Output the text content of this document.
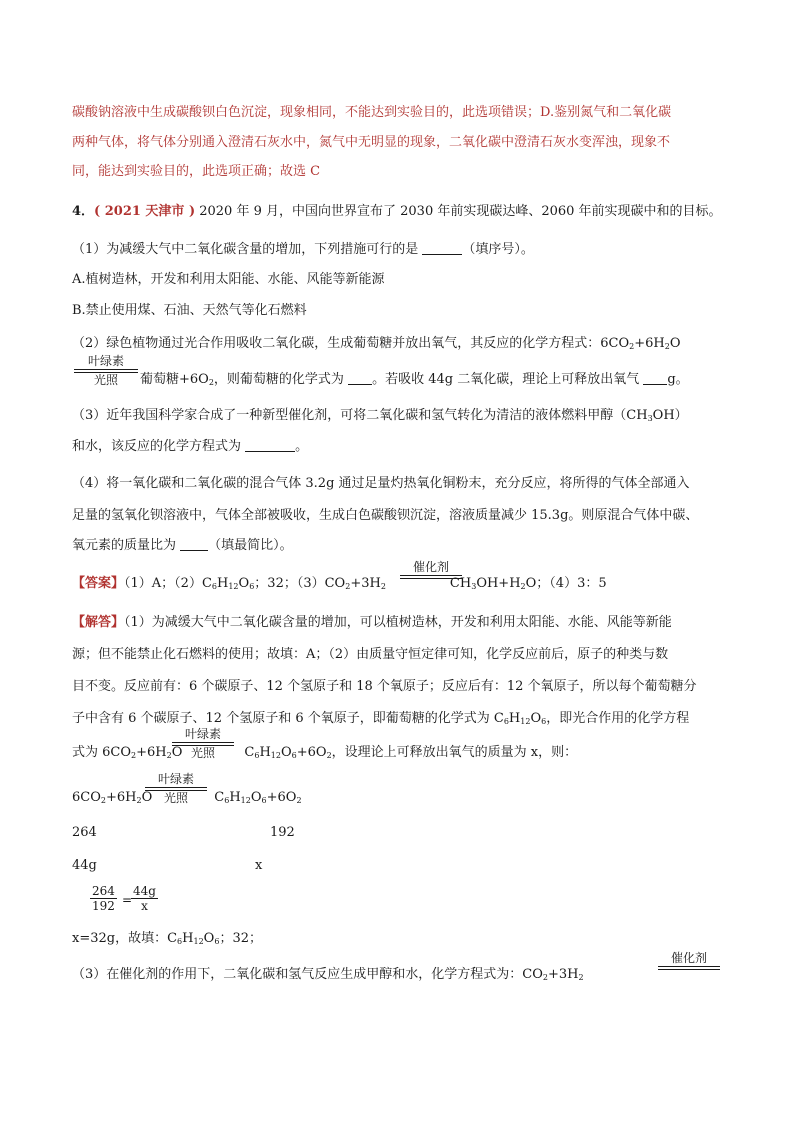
碳酸钠溶液中生成碳酸钡白色沉淀，现象相同，不能达到实验目的，此选项错误；D.鉴别氮气和二氧化碳
两种气体，将气体分别通入澄清石灰水中，氮气中无明显的现象，二氧化碳中澄清石灰水变浑浊，现象不
同，能达到实验目的，此选项正确；故选 C
4．( 2021 天津市 ) 2020 年 9 月，中国向世界宣布了 2030 年前实现碳达峰、2060 年前实现碳中和的目标。
（1）为减缓大气中二氧化碳含量的增加，下列措施可行的是	（填序号）。
A.植树造林，开发和利用太阳能、水能、风能等新能源
B.禁止使用煤、石油、天然气等化石燃料
（2）绿色植物通过光合作用吸收二氧化碳，生成葡萄糖并放出氧气，其反应的化学方程式：$6CO_2+6H_2O$
叶绿素
光照	葡萄糖$+6O_2$，则葡萄糖的化学式为 。若吸收 44g 二氧化碳，理论上可释放出氧气 g。
（3）近年我国科学家合成了一种新型催化剂，可将二氧化碳和氢气转化为清洁的液体燃料甲醇$(CH_3OH)$
和水，该反应的化学方程式为	。
（4）将一氧化碳和二氧化碳的混合气体 3.2g 通过足量灼热氧化铜粉末，充分反应，将所得的气体全部通入
足量的氢氧化钡溶液中，气体全部被吸收，生成白色碳酸钡沉淀，溶液质量减少 15.3g。则原混合气体中碳、
氧元素的质量比为 （填最简比）。
【答案】（1）A；$(2)C_6H_{12}O_6$；32；$(3)CO_2+3H_2$	$CH_3OH+H_2O$；（4）3：5
催化剂
【解答】（1）为减缓大气中二氧化碳含量的增加，可以植树造林，开发和利用太阳能、水能、风能等新能
源；但不能禁止化石燃料的使用；故填：A；（2）由质量守恒定律可知，化学反应前后，原子的种类与数
目不变。反应前有：6 个碳原子、12 个氢原子和 18 个氧原子；反应后有：12 个氧原子，所以每个葡萄糖分
子中含有 6 个碳原子、12 个氢原子和 6 个氧原子，即葡萄糖的化学式为 $C_6H_{12}O_6$，即光合作用的化学方程
式为 $6CO_2+6H_2O$	$C_6H_{12}O_6+6O_2$，设理论上可释放出氧气的质量为 x，则：
叶绿素
光照
$6CO_2+6H_2O$	$C_6H_{12}O_6+6O_2$
叶绿素
光照
264	192
44g	x
$\frac{264}{192}$ =
$\frac{44g}{x}$
x=32g，故填：$C_6H_{12}O_6$；32；
（3）在催化剂的作用下，二氧化碳和氢气反应生成甲醇和水，化学方程式为：$CO_2+3H_2$
催化剂
